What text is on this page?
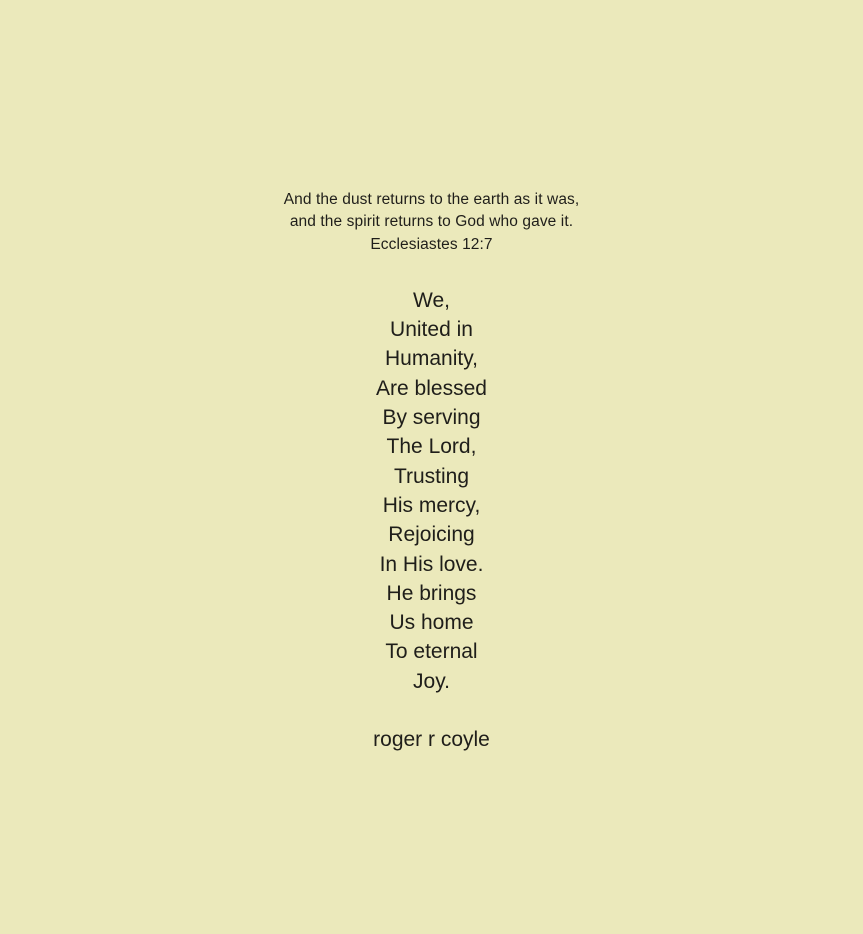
And the dust returns to the earth as it was,
and the spirit returns to God who gave it.
Ecclesiastes 12:7
We,
United in
Humanity,
Are blessed
By serving
The Lord,
Trusting
His mercy,
Rejoicing
In His love.
He brings
Us home
To eternal
Joy.
roger r coyle
